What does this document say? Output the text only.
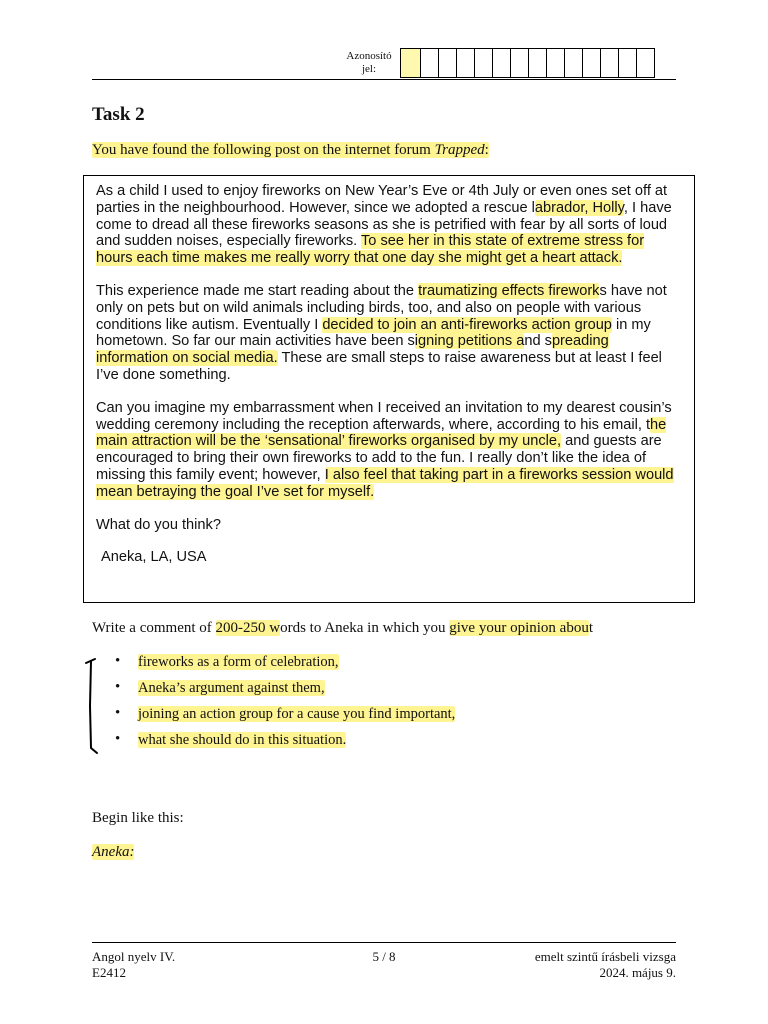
Azonosító
jel:
Task 2
You have found the following post on the internet forum Trapped:

As a child I used to enjoy fireworks on New Year’s Eve or 4th July or even ones set off at parties in the neighbourhood. However, since we adopted a rescue labrador, Holly, I have come to dread all these fireworks seasons as she is petrified with fear by all sorts of loud and sudden noises, especially fireworks. To see her in this state of extreme stress for hours each time makes me really worry that one day she might get a heart attack.

This experience made me start reading about the traumatizing effects fireworks have not only on pets but on wild animals including birds, too, and also on people with various conditions like autism. Eventually I decided to join an anti-fireworks action group in my hometown. So far our main activities have been signing petitions and spreading information on social media. These are small steps to raise awareness but at least I feel I’ve done something.

Can you imagine my embarrassment when I received an invitation to my dearest cousin’s wedding ceremony including the reception afterwards, where, according to his email, the main attraction will be the ‘sensational’ fireworks organised by my uncle, and guests are encouraged to bring their own fireworks to add to the fun. I really don’t like the idea of missing this family event; however, I also feel that taking part in a fireworks session would mean betraying the goal I’ve set for myself.

What do you think?

Aneka, LA, USA

Write a comment of 200-250 words to Aneka in which you give your opinion about
• fireworks as a form of celebration,
• Aneka’s argument against them,
• joining an action group for a cause you find important,
• what she should do in this situation.
Begin like this:
Aneka:
Angol nyelv IV.
E2412
5 / 8	emelt szintű írásbeli vizsga
2024. május 9.
